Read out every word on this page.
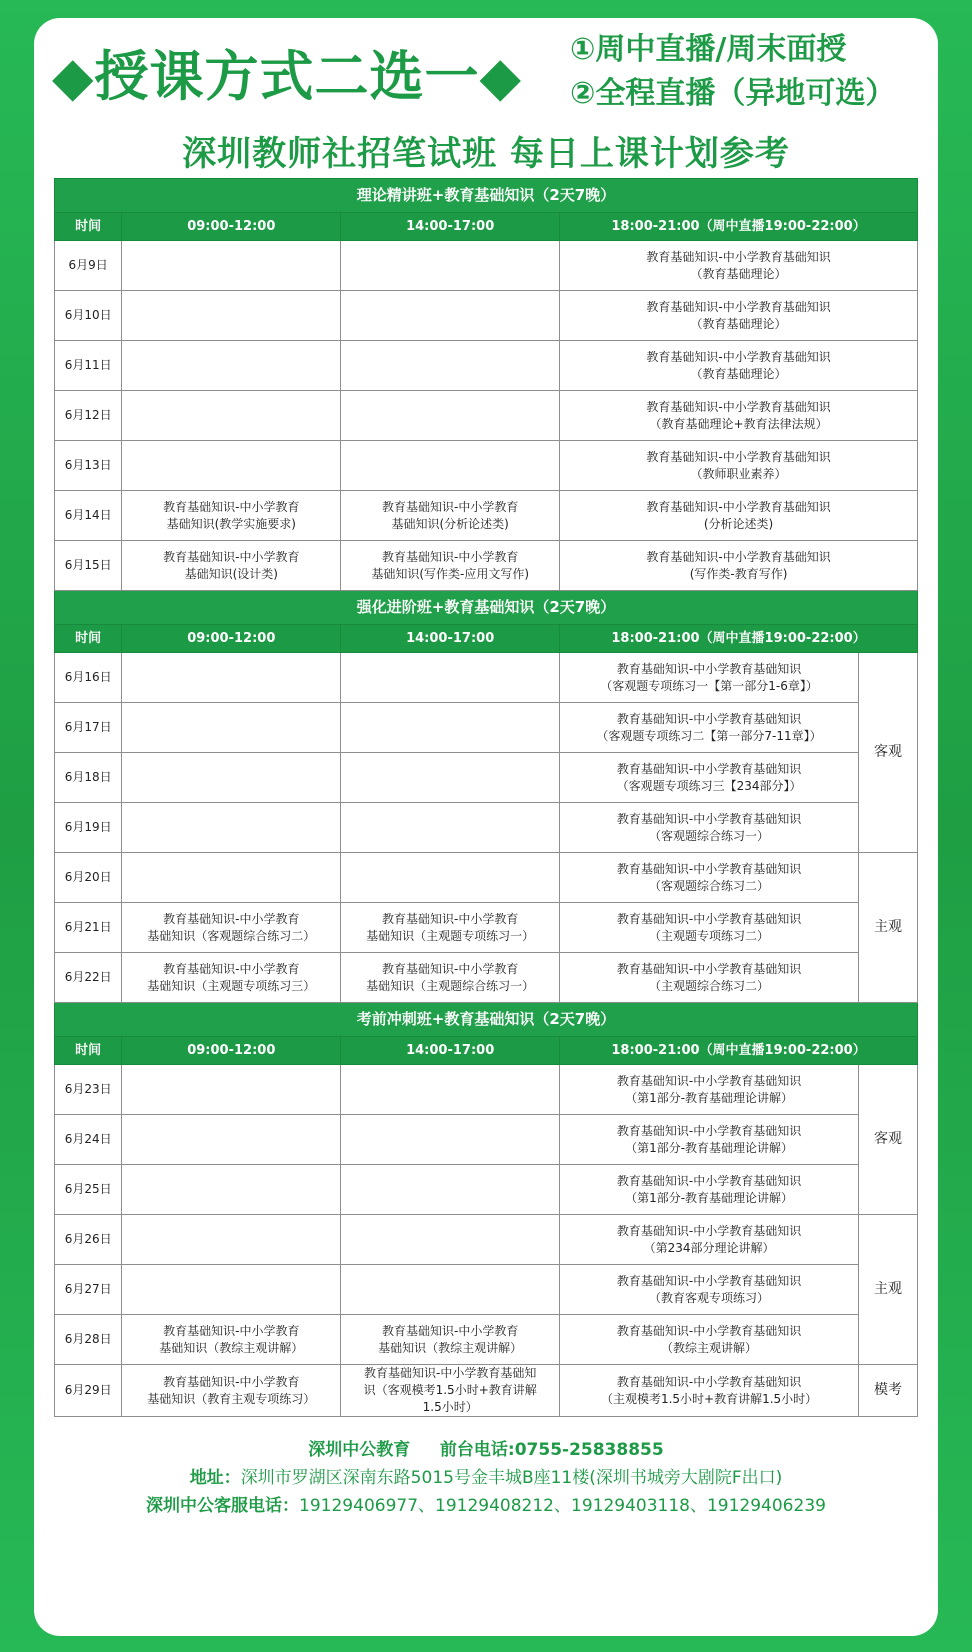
◆授课方式二选一◆ ①周中直播/周末面授
②全程直播（异地可选）
深圳教师社招笔试班 每日上课计划参考
理论精讲班+教育基础知识（2天7晚）				
时间	09:00-12:00	14:00-17:00	18:00-21:00（周中直播19:00-22:00）	
6月9日			教育基础知识-中小学教育基础知识
（教育基础理论）	
6月10日			教育基础知识-中小学教育基础知识
（教育基础理论）	
6月11日			教育基础知识-中小学教育基础知识
（教育基础理论）	
6月12日			教育基础知识-中小学教育基础知识
（教育基础理论+教育法律法规）	
6月13日			教育基础知识-中小学教育基础知识
（教师职业素养）	
6月14日	教育基础知识-中小学教育
基础知识(教学实施要求)	教育基础知识-中小学教育
基础知识(分析论述类)	教育基础知识-中小学教育基础知识
(分析论述类)	
6月15日	教育基础知识-中小学教育
基础知识(设计类)	教育基础知识-中小学教育
基础知识(写作类-应用文写作)	教育基础知识-中小学教育基础知识
(写作类-教育写作)	
强化进阶班+教育基础知识（2天7晚）				
时间	09:00-12:00	14:00-17:00	18:00-21:00（周中直播19:00-22:00）	
6月16日			教育基础知识-中小学教育基础知识
（客观题专项练习一【第一部分1-6章】）	客观
6月17日			教育基础知识-中小学教育基础知识
（客观题专项练习二【第一部分7-11章】）	
6月18日			教育基础知识-中小学教育基础知识
（客观题专项练习三【234部分】）	
6月19日			教育基础知识-中小学教育基础知识
（客观题综合练习一）	
6月20日			教育基础知识-中小学教育基础知识
（客观题综合练习二）	主观
6月21日	教育基础知识-中小学教育
基础知识（客观题综合练习二）	教育基础知识-中小学教育
基础知识（主观题专项练习一）	教育基础知识-中小学教育基础知识
（主观题专项练习二）	
6月22日	教育基础知识-中小学教育
基础知识（主观题专项练习三）	教育基础知识-中小学教育
基础知识（主观题综合练习一）	教育基础知识-中小学教育基础知识
（主观题综合练习二）	
考前冲刺班+教育基础知识（2天7晚）				
时间	09:00-12:00	14:00-17:00	18:00-21:00（周中直播19:00-22:00）	
6月23日			教育基础知识-中小学教育基础知识
（第1部分-教育基础理论讲解）	客观
6月24日			教育基础知识-中小学教育基础知识
（第1部分-教育基础理论讲解）	
6月25日			教育基础知识-中小学教育基础知识
（第1部分-教育基础理论讲解）	
6月26日			教育基础知识-中小学教育基础知识
（第234部分理论讲解）	主观
6月27日			教育基础知识-中小学教育基础知识
（教育客观专项练习）	
6月28日	教育基础知识-中小学教育
基础知识（教综主观讲解）	教育基础知识-中小学教育
基础知识（教综主观讲解）	教育基础知识-中小学教育基础知识
（教综主观讲解）	
6月29日	教育基础知识-中小学教育
基础知识（教育主观专项练习）	教育基础知识-中小学教育基础知
识（客观模考1.5小时+教育讲解
1.5小时）	教育基础知识-中小学教育基础知识
（主观模考1.5小时+教育讲解1.5小时）	模考
深圳中公教育 前台电话:0755-25838855
地址：深圳市罗湖区深南东路5015号金丰城B座11楼(深圳书城旁大剧院F出口)
深圳中公客服电话：19129406977、19129408212、19129403118、19129406239
